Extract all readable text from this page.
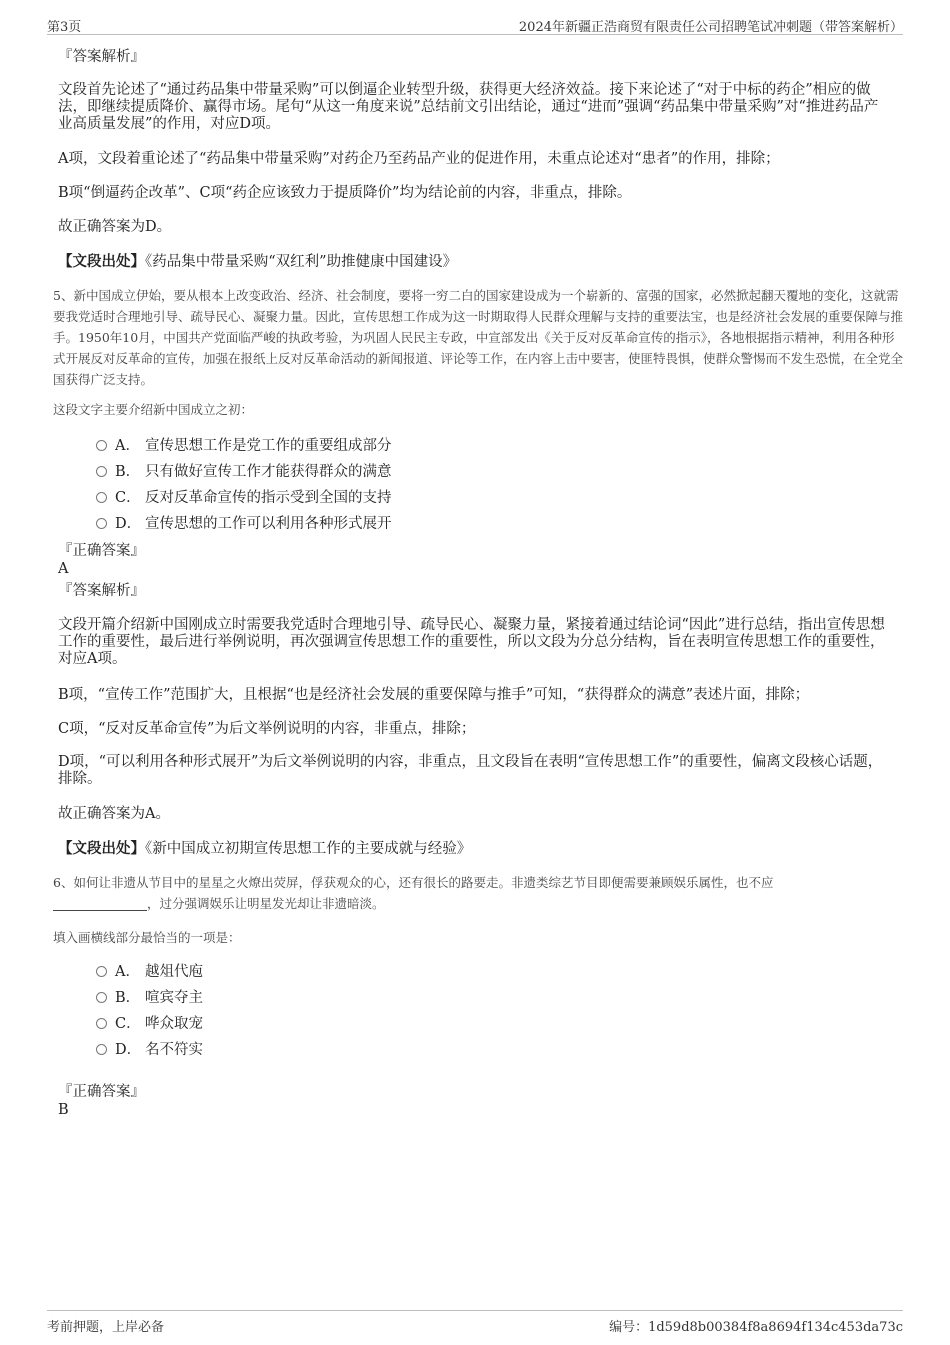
第3页	2024年新疆正浩商贸有限责任公司招聘笔试冲刺题（带答案解析）
『答案解析』
文段首先论述了“通过药品集中带量采购”可以倒逼企业转型升级，获得更大经济效益。接下来论述了“对于中标的药企”相应的做法，即继续提质降价、赢得市场。尾句“从这一角度来说”总结前文引出结论，通过“进而”强调“药品集中带量采购”对“推进药品产业高质量发展”的作用，对应D项。
A项，文段着重论述了“药品集中带量采购”对药企乃至药品产业的促进作用，未重点论述对“患者”的作用，排除；
B项“倒逼药企改革”、C项“药企应该致力于提质降价”均为结论前的内容，非重点，排除。
故正确答案为D。
【文段出处】《药品集中带量采购“双红利”助推健康中国建设》
5、新中国成立伊始，要从根本上改变政治、经济、社会制度，要将一穷二白的国家建设成为一个崭新的、富强的国家，必然掀起翻天覆地的变化，这就需要我党适时合理地引导、疏导民心、凝聚力量。因此，宣传思想工作成为这一时期取得人民群众理解与支持的重要法宝，也是经济社会发展的重要保障与推手。1950年10月，中国共产党面临严峻的执政考验，为巩固人民民主专政，中宣部发出《关于反对反革命宣传的指示》，各地根据指示精神，利用各种形式开展反对反革命的宣传，加强在报纸上反对反革命活动的新闻报道、评论等工作，在内容上击中要害，使匪特畏惧，使群众警惕而不发生恐慌，在全党全国获得广泛支持。
这段文字主要介绍新中国成立之初：
A． 宣传思想工作是党工作的重要组成部分
B． 只有做好宣传工作才能获得群众的满意
C． 反对反革命宣传的指示受到全国的支持
D． 宣传思想的工作可以利用各种形式展开
『正确答案』
A
『答案解析』
文段开篇介绍新中国刚成立时需要我党适时合理地引导、疏导民心、凝聚力量，紧接着通过结论词“因此”进行总结，指出宣传思想工作的重要性，最后进行举例说明，再次强调宣传思想工作的重要性，所以文段为分总分结构，旨在表明宣传思想工作的重要性，对应A项。
B项，“宣传工作”范围扩大，且根据“也是经济社会发展的重要保障与推手”可知，“获得群众的满意”表述片面，排除；
C项，“反对反革命宣传”为后文举例说明的内容，非重点，排除；
D项，“可以利用各种形式展开”为后文举例说明的内容，非重点，且文段旨在表明“宣传思想工作”的重要性，偏离文段核心话题，排除。
故正确答案为A。
【文段出处】《新中国成立初期宣传思想工作的主要成就与经验》
6、如何让非遗从节目中的星星之火燎出荧屏，俘获观众的心，还有很长的路要走。非遗类综艺节目即便需要兼顾娱乐属性，也不应
，过分强调娱乐让明星发光却让非遗暗淡。
填入画横线部分最恰当的一项是：
A． 越俎代庖
B． 喧宾夺主
C． 哗众取宠
D． 名不符实
『正确答案』
B
考前押题，上岸必备	编号：1d59d8b00384f8a8694f134c453da73c
